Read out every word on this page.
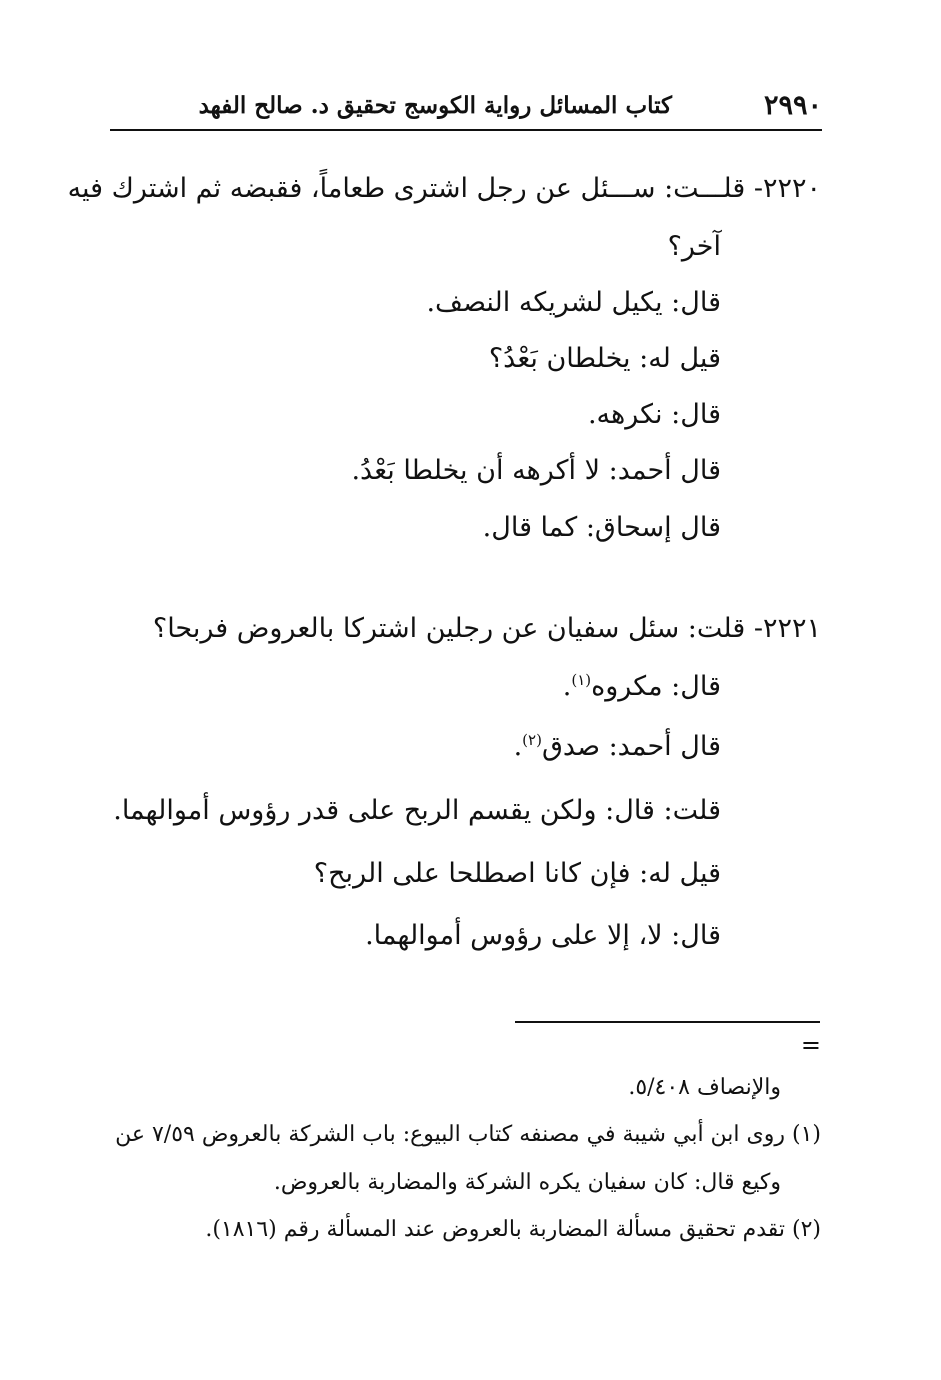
٢٩٩٠
كتاب المسائل رواية الكوسج تحقيق د. صالح الفهد
٢٢٢٠- قلـــت: ســـئل عن رجل اشترى طعاماً، فقبضه ثم اشترك فيه
آخر؟
قال: يكيل لشريكه النصف.
قيل له: يخلطان بَعْدُ؟
قال: نكرهه.
قال أحمد: لا أكرهه أن يخلطا بَعْدُ.
قال إسحاق: كما قال.
٢٢٢١- قلت: سئل سفيان عن رجلين اشتركا بالعروض فربحا؟
قال: مكروه$^{(١)}$.
قال أحمد: صدق$^{(٢)}$.
قلت: قال: ولكن يقسم الربح على قدر رؤوس أموالهما.
قيل له: فإن كانا اصطلحا على الربح؟
قال: لا، إلا على رؤوس أموالهما.
=
والإنصاف ٥/٤٠٨.
(١) روى ابن أبي شيبة في مصنفه كتاب البيوع: باب الشركة بالعروض ٧/٥٩ عن
وكيع قال: كان سفيان يكره الشركة والمضاربة بالعروض.
(٢) تقدم تحقيق مسألة المضاربة بالعروض عند المسألة رقم (١٨١٦).
